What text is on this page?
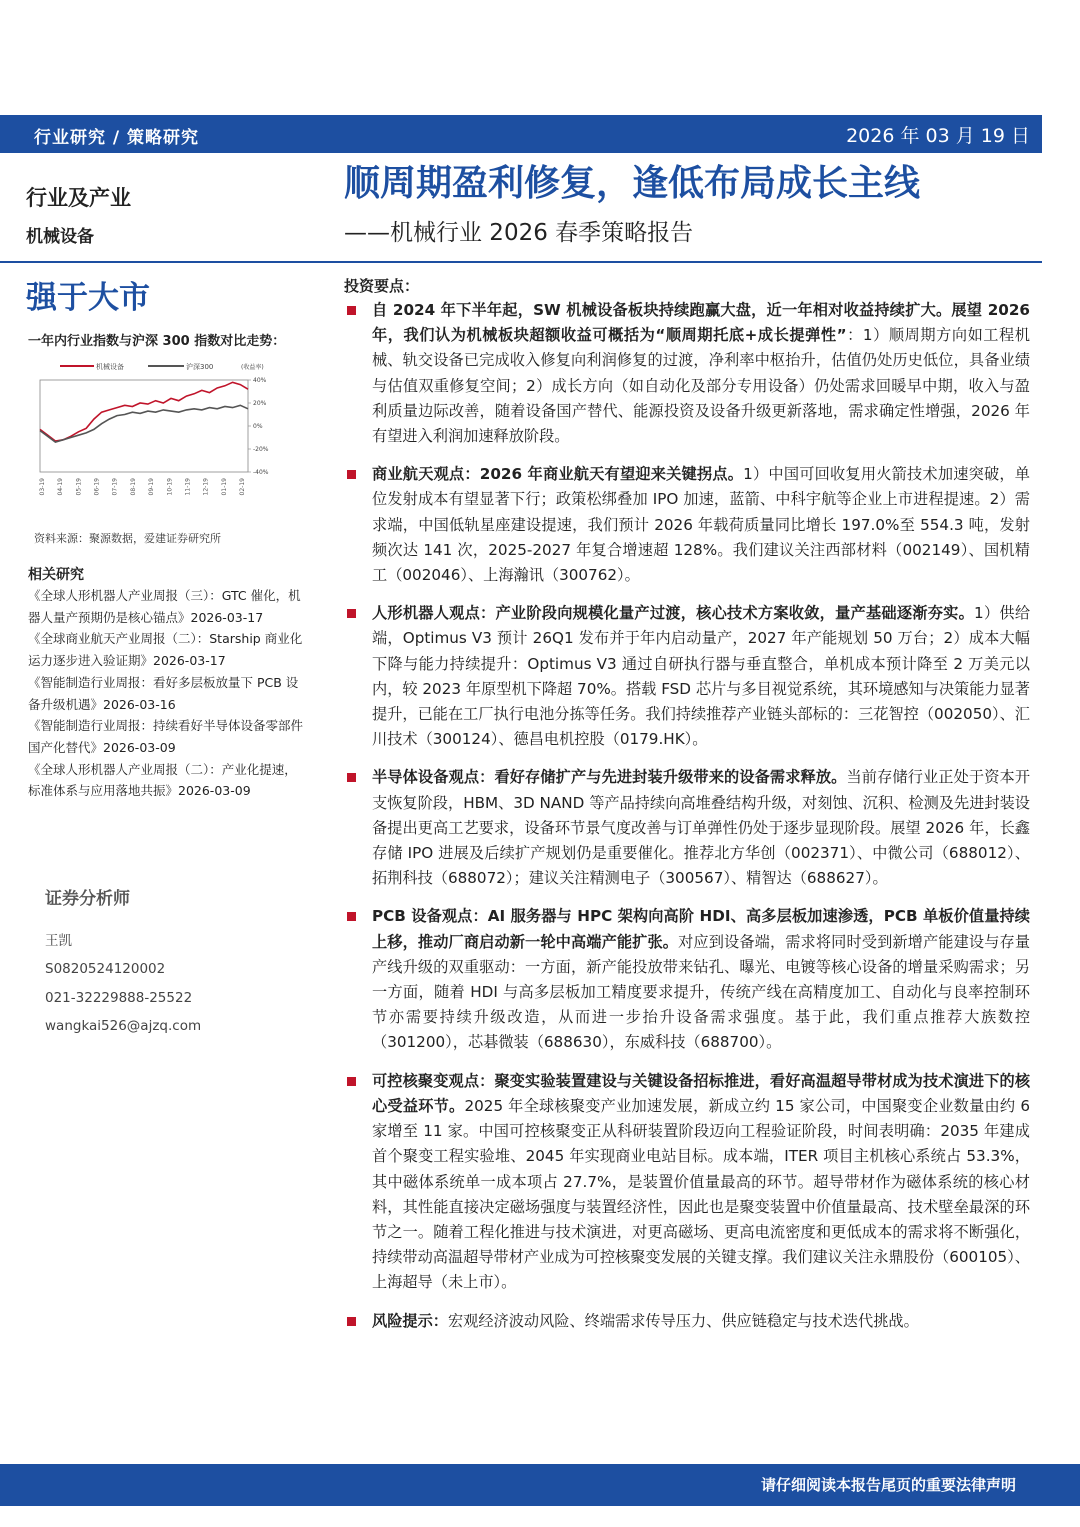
行业研究 / 策略研究	2026 年 03 月 19 日
行业及产业
机械设备
顺周期盈利修复，逢低布局成长主线
——机械行业 2026 春季策略报告
强于大市
一年内行业指数与沪深 300 指数对比走势：
机械设备	沪深300	(收益率)
40%
20%
0%
-20%
-40%
03-19 04-19 05-19 06-19 07-19 08-19 09-19 10-19 11-19 12-19 01-19 02-19
资料来源：聚源数据，爱建证券研究所
相关研究

《全球人形机器人产业周报（三）：GTC 催化，机器人量产预期仍是核心锚点》2026-03-17

《全球商业航天产业周报（二）：Starship 商业化运力逐步进入验证期》2026-03-17

《智能制造行业周报：看好多层板放量下 PCB 设备升级机遇》2026-03-16

《智能制造行业周报：持续看好半导体设备零部件国产化替代》2026-03-09

《全球人形机器人产业周报（二）：产业化提速，标准体系与应用落地共振》2026-03-09

证券分析师
王凯
S0820524120002
021-32229888-25522
wangkai526@ajzq.com
投资要点：
自 2024 年下半年起，SW 机械设备板块持续跑赢大盘，近一年相对收益持续扩大。展望 2026 年，我们认为机械板块超额收益可概括为“顺周期托底+成长提弹性”：1）顺周期方向如工程机械、轨交设备已完成收入修复向利润修复的过渡，净利率中枢抬升，估值仍处历史低位，具备业绩与估值双重修复空间；2）成长方向（如自动化及部分专用设备）仍处需求回暖早中期，收入与盈利质量边际改善，随着设备国产替代、能源投资及设备升级更新落地，需求确定性增强，2026 年有望进入利润加速释放阶段。
商业航天观点：2026 年商业航天有望迎来关键拐点。1）中国可回收复用火箭技术加速突破，单位发射成本有望显著下行；政策松绑叠加 IPO 加速，蓝箭、中科宇航等企业上市进程提速。2）需求端，中国低轨星座建设提速，我们预计 2026 年载荷质量同比增长 197.0%至 554.3 吨，发射频次达 141 次，2025-2027 年复合增速超 128%。我们建议关注西部材料（002149）、国机精工（002046）、上海瀚讯（300762）。
人形机器人观点：产业阶段向规模化量产过渡，核心技术方案收敛，量产基础逐渐夯实。1）供给端，Optimus V3 预计 26Q1 发布并于年内启动量产，2027 年产能规划 50 万台；2）成本大幅下降与能力持续提升：Optimus V3 通过自研执行器与垂直整合，单机成本预计降至 2 万美元以内，较 2023 年原型机下降超 70%。搭载 FSD 芯片与多目视觉系统，其环境感知与决策能力显著提升，已能在工厂执行电池分拣等任务。我们持续推荐产业链头部标的：三花智控（002050）、汇川技术（300124）、德昌电机控股（0179.HK）。
半导体设备观点：看好存储扩产与先进封装升级带来的设备需求释放。当前存储行业正处于资本开支恢复阶段，HBM、3D NAND 等产品持续向高堆叠结构升级，对刻蚀、沉积、检测及先进封装设备提出更高工艺要求，设备环节景气度改善与订单弹性仍处于逐步显现阶段。展望 2026 年，长鑫存储 IPO 进展及后续扩产规划仍是重要催化。推荐北方华创（002371）、中微公司（688012）、拓荆科技（688072）；建议关注精测电子（300567）、精智达（688627）。
PCB 设备观点：AI 服务器与 HPC 架构向高阶 HDI、高多层板加速渗透，PCB 单板价值量持续上移，推动厂商启动新一轮中高端产能扩张。对应到设备端，需求将同时受到新增产能建设与存量产线升级的双重驱动：一方面，新产能投放带来钻孔、曝光、电镀等核心设备的增量采购需求；另一方面，随着 HDI 与高多层板加工精度要求提升，传统产线在高精度加工、自动化与良率控制环节亦需要持续升级改造，从而进一步抬升设备需求强度。基于此，我们重点推荐大族数控（301200），芯碁微装（688630），东威科技（688700）。
可控核聚变观点：聚变实验装置建设与关键设备招标推进，看好高温超导带材成为技术演进下的核心受益环节。2025 年全球核聚变产业加速发展，新成立约 15 家公司，中国聚变企业数量由约 6 家增至 11 家。中国可控核聚变正从科研装置阶段迈向工程验证阶段，时间表明确：2035 年建成首个聚变工程实验堆、2045 年实现商业电站目标。成本端，ITER 项目主机核心系统占 53.3%，其中磁体系统单一成本项占 27.7%，是装置价值量最高的环节。超导带材作为磁体系统的核心材料，其性能直接决定磁场强度与装置经济性，因此也是聚变装置中价值量最高、技术壁垒最深的环节之一。随着工程化推进与技术演进，对更高磁场、更高电流密度和更低成本的需求将不断强化，持续带动高温超导带材产业成为可控核聚变发展的关键支撑。我们建议关注永鼎股份（600105）、上海超导（未上市）。
风险提示：宏观经济波动风险、终端需求传导压力、供应链稳定与技术迭代挑战。
请仔细阅读本报告尾页的重要法律声明
